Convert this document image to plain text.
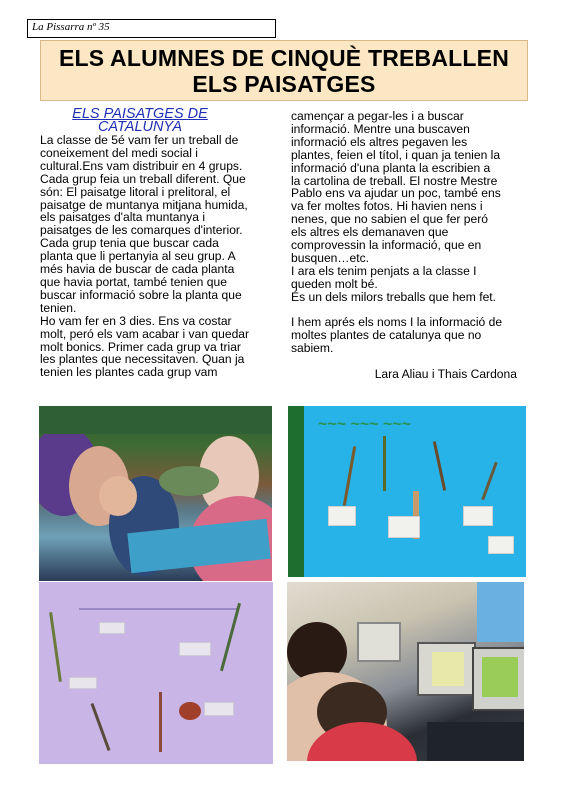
La Pissarra nº 35
ELS ALUMNES DE CINQUÈ TREBALLEN
ELS PAISATGES
ELS PAISATGES DE
CATALUNYA

La classe de 5é vam fer un treball de

coneixement del medi social i

cultural.Ens vam distribuir en 4 grups.

Cada grup feia un treball diferent. Que

són: El paisatge litoral i prelitoral, el

paisatge de muntanya mitjana humida,

els paisatges d'alta muntanya i

paisatges de les comarques d'interior.

Cada grup tenia que buscar cada

planta que li pertanyia al seu grup. A

més havia de buscar de cada planta

que havia portat, també tenien que

buscar informació sobre la planta que

tenien.

Ho vam fer en 3 dies. Ens va costar

molt, peró els vam acabar i van quedar

molt bonics. Primer cada grup va triar

les plantes que necessitaven. Quan ja

tenien les plantes cada grup vam

camençar a pegar-les i a buscar

informació. Mentre una buscaven

informació els altres pegaven les

plantes, feien el títol, i quan ja tenien la

informació d'una planta la escribien a

la cartolina de treball. El nostre Mestre

Pablo ens va ajudar un poc, també ens

va fer moltes fotos. Hi havien nens i

nenes, que no sabien el que fer peró

els altres els demanaven que

comprovessin la informació, que en

busquen…etc.

I ara els tenim penjats a la classe I

queden molt bé.

És un dels milors treballs que hem fet.

I hem aprés els noms I la informació de

moltes plantes de catalunya que no

sabiem.

Lara Aliau i Thais Cardona

~~~ ~~~ ~~~
